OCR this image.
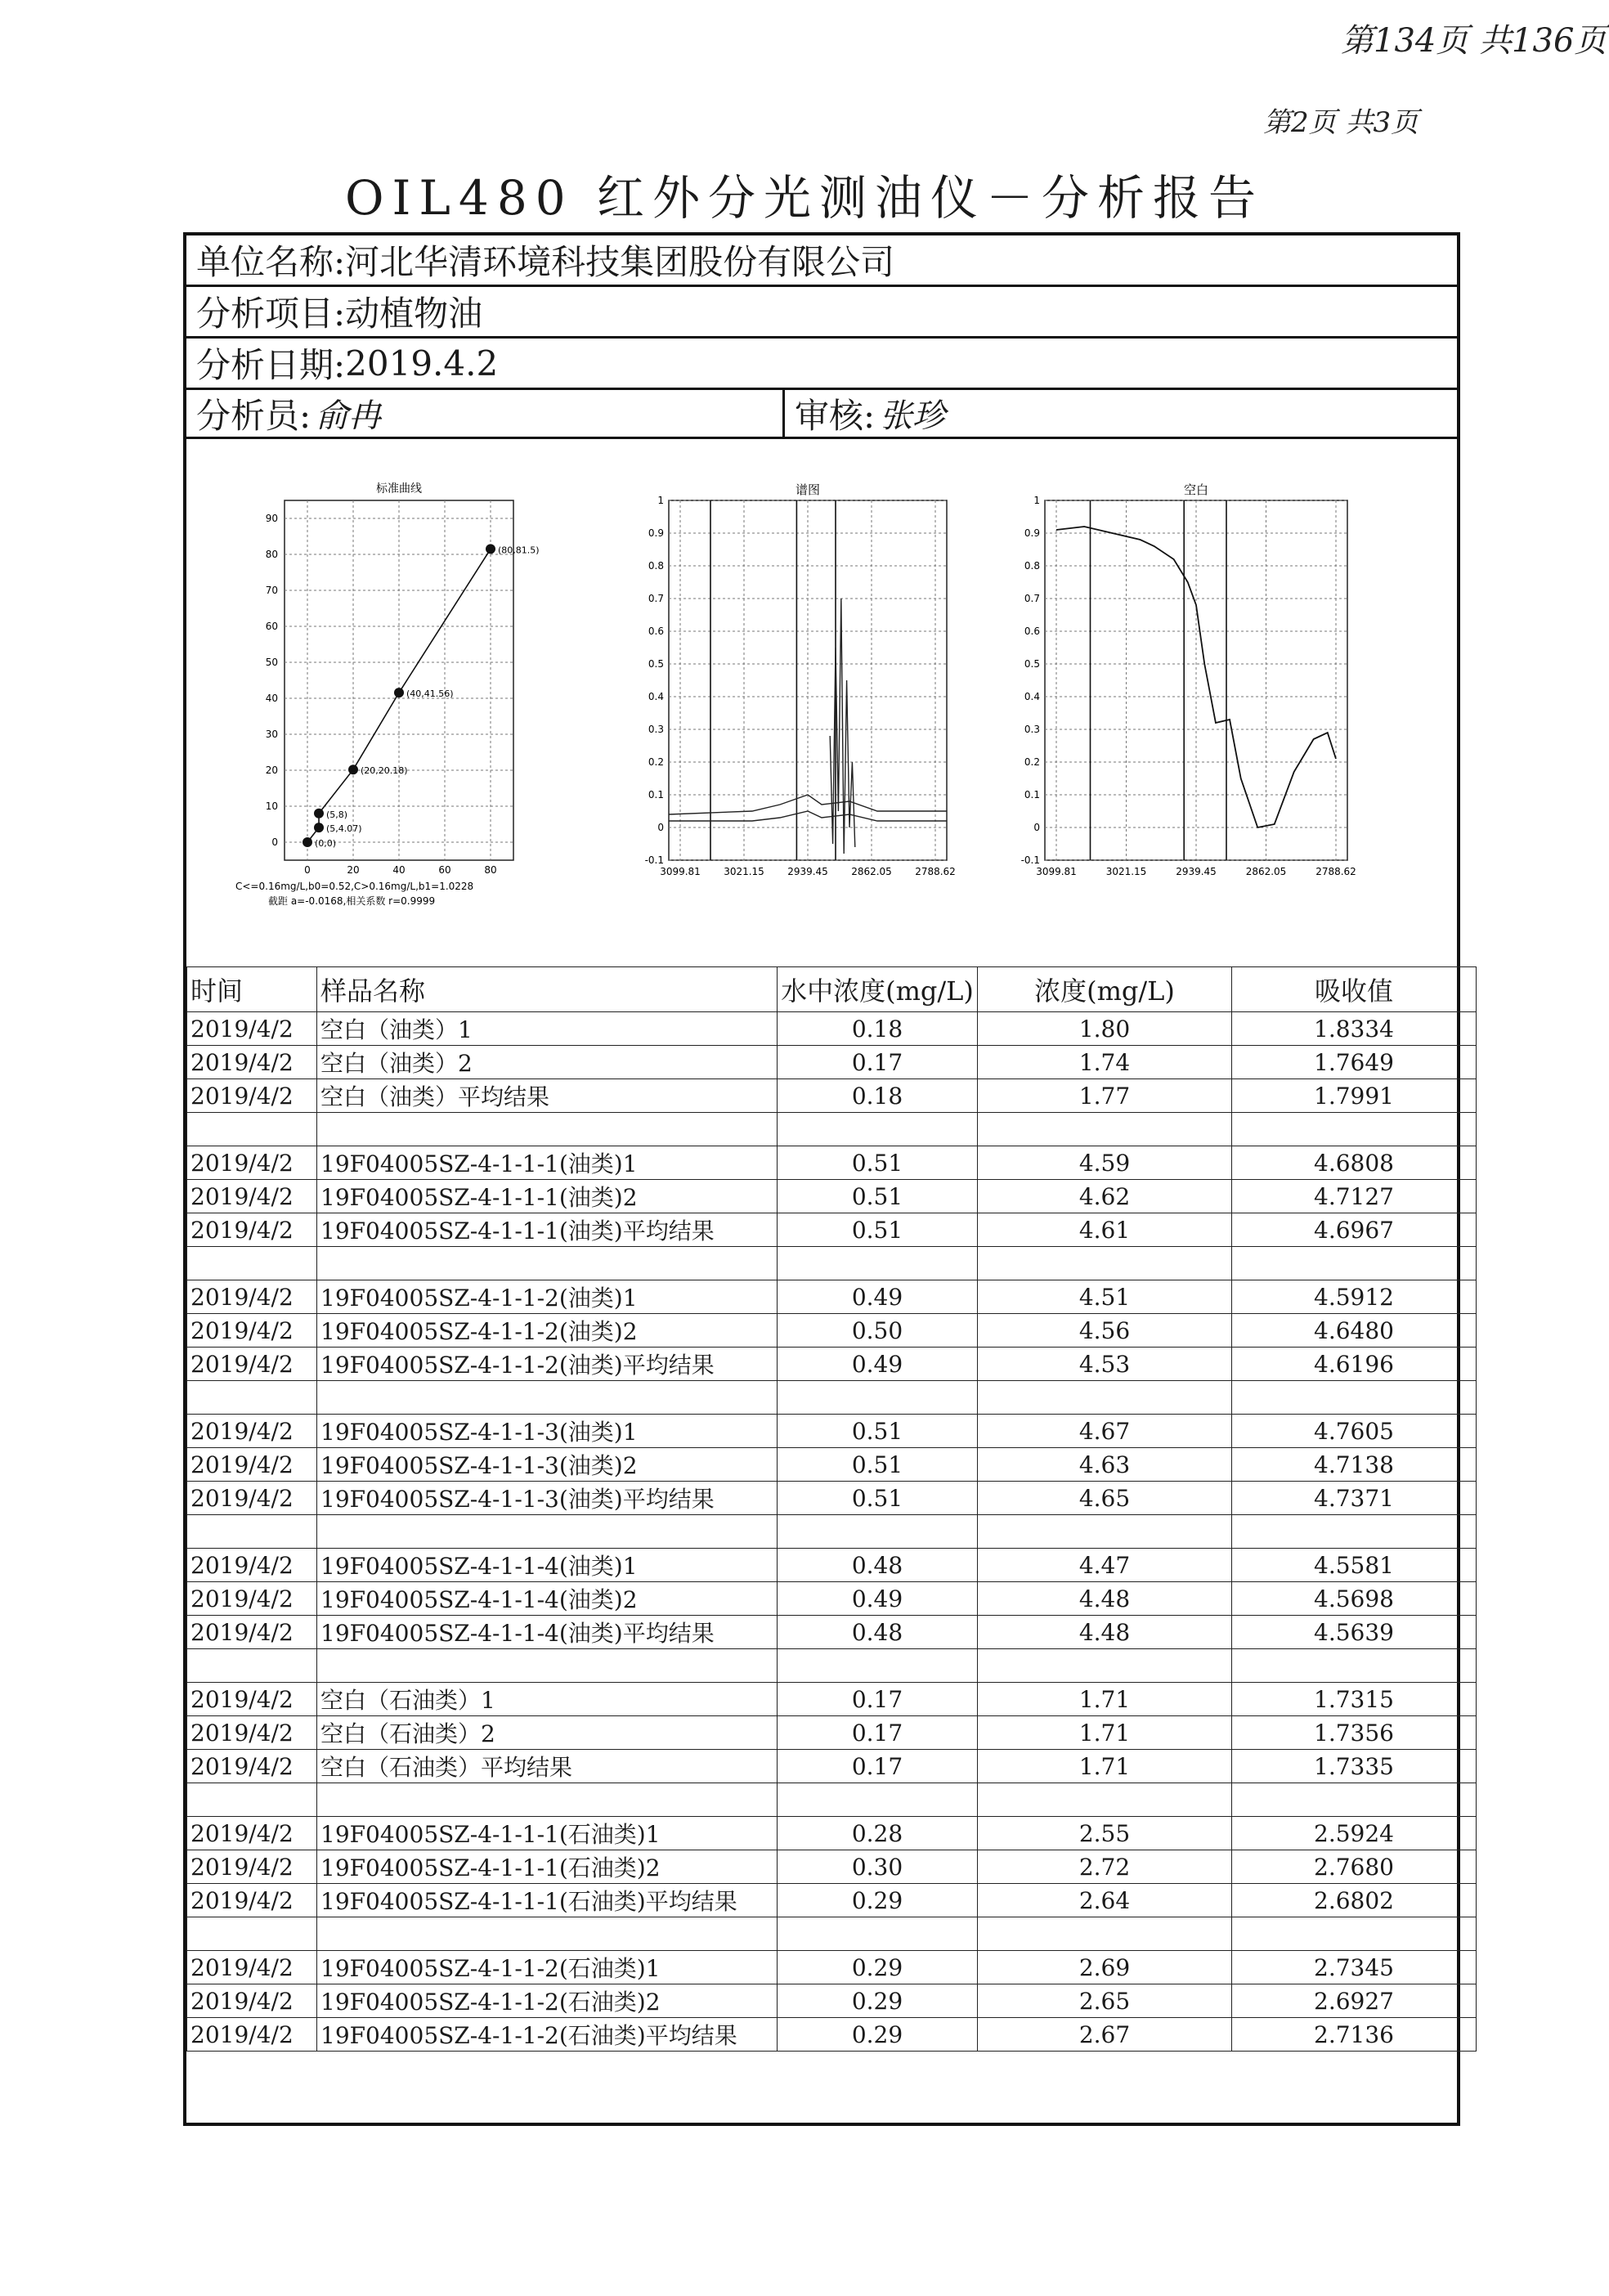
第134页 共136页
第2页 共3页
OIL480 红外分光测油仪－分析报告
单位名称: 河北华清环境科技集团股份有限公司
分析项目: 动植物油
分析日期: 2019.4.2
分析员: 俞冉	审核: 张珍
标准曲线
0
10
20
30
40
50
60
70
80
90
0	20	40	60	80
(0,0)
(5,4.07)
(5,8)
(20,20.18)
(40,41.56)
(80,81.5)
C<=0.16mg/L,b0=0.52,C>0.16mg/L,b1=1.0228
截距 a=-0.0168,相关系数 r=0.9999
谱图
1
0.9
0.8
0.7
0.6
0.5
0.4
0.3
0.2
0.1
0
-0.1
3099.81 3021.15 2939.45 2862.05 2788.62
空白
1
0.9
0.8
0.7
0.6
0.5
0.4
0.3
0.2
0.1
0
-0.1
3099.81	3021.15	2939.45	2862.05	2788.62
时间	样品名称	水中浓度(mg/L)	浓度(mg/L)	吸收值
2019/4/2	空白（油类）1	0.18	1.80	1.8334
2019/4/2	空白（油类）2	0.17	1.74	1.7649
2019/4/2	空白（油类）平均结果	0.18	1.77	1.7991

2019/4/2	19F04005SZ-4-1-1-1(油类)1	0.51	4.59	4.6808
2019/4/2	19F04005SZ-4-1-1-1(油类)2	0.51	4.62	4.7127
2019/4/2	19F04005SZ-4-1-1-1(油类)平均结果	0.51	4.61	4.6967

2019/4/2	19F04005SZ-4-1-1-2(油类)1	0.49	4.51	4.5912
2019/4/2	19F04005SZ-4-1-1-2(油类)2	0.50	4.56	4.6480
2019/4/2	19F04005SZ-4-1-1-2(油类)平均结果	0.49	4.53	4.6196

2019/4/2	19F04005SZ-4-1-1-3(油类)1	0.51	4.67	4.7605
2019/4/2	19F04005SZ-4-1-1-3(油类)2	0.51	4.63	4.7138
2019/4/2	19F04005SZ-4-1-1-3(油类)平均结果	0.51	4.65	4.7371

2019/4/2	19F04005SZ-4-1-1-4(油类)1	0.48	4.47	4.5581
2019/4/2	19F04005SZ-4-1-1-4(油类)2	0.49	4.48	4.5698
2019/4/2	19F04005SZ-4-1-1-4(油类)平均结果	0.48	4.48	4.5639

2019/4/2	空白（石油类）1	0.17	1.71	1.7315
2019/4/2	空白（石油类）2	0.17	1.71	1.7356
2019/4/2	空白（石油类）平均结果	0.17	1.71	1.7335

2019/4/2	19F04005SZ-4-1-1-1(石油类)1	0.28	2.55	2.5924
2019/4/2	19F04005SZ-4-1-1-1(石油类)2	0.30	2.72	2.7680
2019/4/2	19F04005SZ-4-1-1-1(石油类)平均结果	0.29	2.64	2.6802

2019/4/2	19F04005SZ-4-1-1-2(石油类)1	0.29	2.69	2.7345
2019/4/2	19F04005SZ-4-1-1-2(石油类)2	0.29	2.65	2.6927
2019/4/2	19F04005SZ-4-1-1-2(石油类)平均结果	0.29	2.67	2.7136
